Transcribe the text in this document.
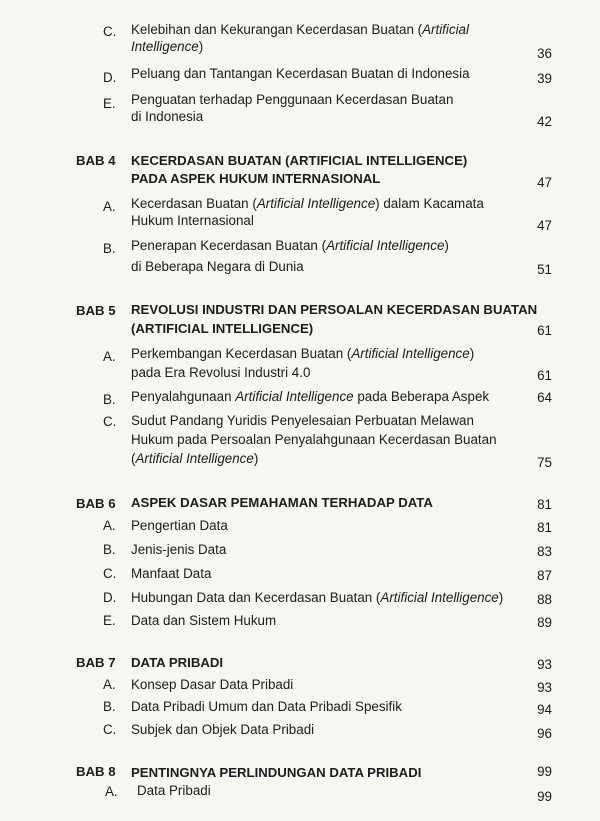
C. Kelebihan dan Kekurangan Kecerdasan Buatan (Artificial
Intelligence)	36
D. Peluang dan Tantangan Kecerdasan Buatan di Indonesia	39
E. Penguatan terhadap Penggunaan Kecerdasan Buatan
di Indonesia	42
BAB 4 KECERDASAN BUATAN (ARTIFICIAL INTELLIGENCE)
PADA ASPEK HUKUM INTERNASIONAL	47
A. Kecerdasan Buatan (Artificial Intelligence) dalam Kacamata
Hukum Internasional	47
B. Penerapan Kecerdasan Buatan (Artificial Intelligence)
di Beberapa Negara di Dunia	51
BAB 5 REVOLUSI INDUSTRI DAN PERSOALAN KECERDASAN BUATAN
(ARTIFICIAL INTELLIGENCE)	61
A. Perkembangan Kecerdasan Buatan (Artificial Intelligence)
pada Era Revolusi Industri 4.0	61
B. Penyalahgunaan Artificial Intelligence pada Beberapa Aspek	64
C. Sudut Pandang Yuridis Penyelesaian Perbuatan Melawan
Hukum pada Persoalan Penyalahgunaan Kecerdasan Buatan
(Artificial Intelligence)	75
BAB 6 ASPEK DASAR PEMAHAMAN TERHADAP DATA	81
A. Pengertian Data	81
B. Jenis-jenis Data	83
C. Manfaat Data	87
D. Hubungan Data dan Kecerdasan Buatan (Artificial Intelligence)	88
E. Data dan Sistem Hukum	89
BAB 7 DATA PRIBADI	93
A. Konsep Dasar Data Pribadi	93
B. Data Pribadi Umum dan Data Pribadi Spesifik	94
C. Subjek dan Objek Data Pribadi	96
BAB 8 PENTINGNYA PERLINDUNGAN DATA PRIBADI	99
A. Data Pribadi	99
